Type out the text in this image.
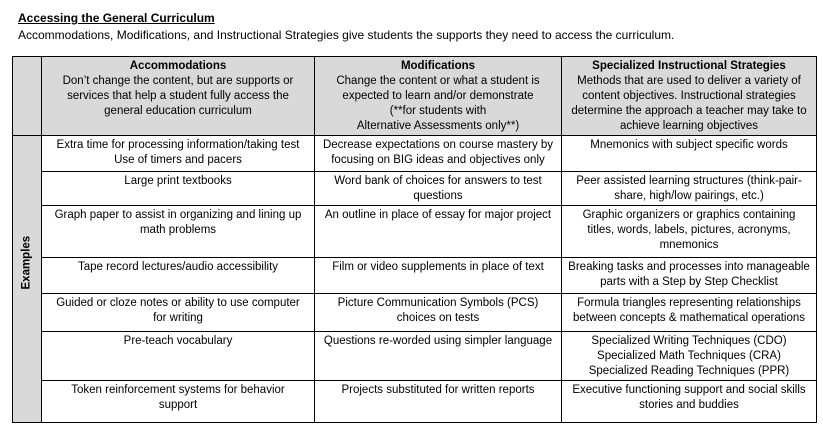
Accessing the General Curriculum
Accommodations, Modifications, and Instructional Strategies give students the supports they need to access the curriculum.

	Accommodations
Don’t change the content, but are supports or
services that help a student fully access the
general education curriculum	Modifications
Change the content or what a student is
expected to learn and/or demonstrate
(**for students with
Alternative Assessments only**)	Specialized Instructional Strategies
Methods that are used to deliver a variety of
content objectives. Instructional strategies
determine the approach a teacher may take to
achieve learning objectives

Examples	Extra time for processing information/taking test
Use of timers and pacers	Decrease expectations on course mastery by
focusing on BIG ideas and objectives only	Mnemonics with subject specific words

	Large print textbooks	Word bank of choices for answers to test
questions	Peer assisted learning structures (think-pair-
share, high/low pairings, etc.)

	Graph paper to assist in organizing and lining up
math problems	An outline in place of essay for major project	Graphic organizers or graphics containing
titles, words, labels, pictures, acronyms,
mnemonics

	Tape record lectures/audio accessibility	Film or video supplements in place of text	Breaking tasks and processes into manageable
parts with a Step by Step Checklist

	Guided or cloze notes or ability to use computer
for writing	Picture Communication Symbols (PCS)
choices on tests	Formula triangles representing relationships
between concepts & mathematical operations

	Pre-teach vocabulary	Questions re-worded using simpler language	Specialized Writing Techniques (CDO)
Specialized Math Techniques (CRA)
Specialized Reading Techniques (PPR)

	Token reinforcement systems for behavior
support	Projects substituted for written reports	Executive functioning support and social skills
stories and buddies
